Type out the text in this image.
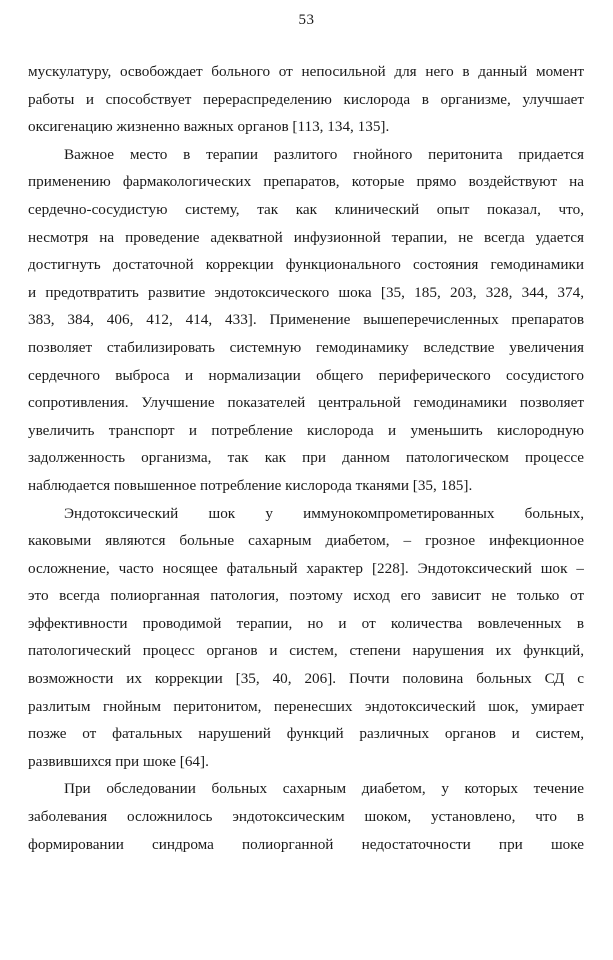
53
мускулатуру, освобождает больного от непосильной для него в данный момент
работы и способствует перераспределению кислорода в организме, улучшает
оксигенацию жизненно важных органов [113, 134, 135].
Важное место в терапии разлитого гнойного перитонита придается
применению фармакологических препаратов, которые прямо воздействуют на
сердечно-сосудистую систему, так как клинический опыт показал, что,
несмотря на проведение адекватной инфузионной терапии, не всегда удается
достигнуть достаточной коррекции функционального состояния гемодинамики
и предотвратить развитие эндотоксического шока [35, 185, 203, 328, 344, 374,
383, 384, 406, 412, 414, 433]. Применение вышеперечисленных препаратов
позволяет стабилизировать системную гемодинамику вследствие увеличения
сердечного выброса и нормализации общего периферического сосудистого
сопротивления. Улучшение показателей центральной гемодинамики позволяет
увеличить транспорт и потребление кислорода и уменьшить кислородную
задолженность организма, так как при данном патологическом процессе
наблюдается повышенное потребление кислорода тканями [35, 185].
Эндотоксический шок у иммунокомпрометированных больных,
каковыми являются больные сахарным диабетом, – грозное инфекционное
осложнение, часто носящее фатальный характер [228]. Эндотоксический шок –
это всегда полиорганная патология, поэтому исход его зависит не только от
эффективности проводимой терапии, но и от количества вовлеченных в
патологический процесс органов и систем, степени нарушения их функций,
возможности их коррекции [35, 40, 206]. Почти половина больных СД с
разлитым гнойным перитонитом, перенесших эндотоксический шок, умирает
позже от фатальных нарушений функций различных органов и систем,
развившихся при шоке [64].
При обследовании больных сахарным диабетом, у которых течение
заболевания осложнилось эндотоксическим шоком, установлено, что в
формировании синдрома полиорганной недостаточности при шоке
